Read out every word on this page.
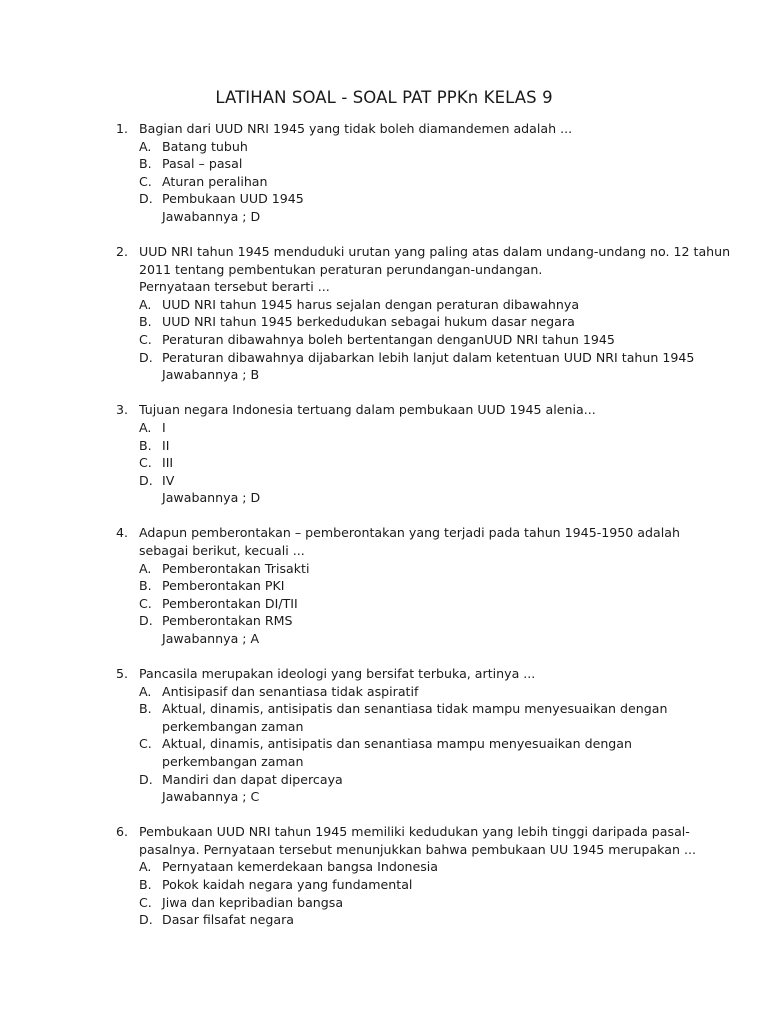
LATIHAN SOAL - SOAL PAT PPKn KELAS 9
1. Bagian dari UUD NRI 1945 yang tidak boleh diamandemen adalah ...
A. Batang tubuh
B. Pasal – pasal
C. Aturan peralihan
D. Pembukaan UUD 1945
Jawabannya ; D
2. UUD NRI tahun 1945 menduduki urutan yang paling atas dalam undang-undang no. 12 tahun
2011 tentang pembentukan peraturan perundangan-undangan.
Pernyataan tersebut berarti ...
A. UUD NRI tahun 1945 harus sejalan dengan peraturan dibawahnya
B. UUD NRI tahun 1945 berkedudukan sebagai hukum dasar negara
C. Peraturan dibawahnya boleh bertentangan denganUUD NRI tahun 1945
D. Peraturan dibawahnya dijabarkan lebih lanjut dalam ketentuan UUD NRI tahun 1945
Jawabannya ; B
3. Tujuan negara Indonesia tertuang dalam pembukaan UUD 1945 alenia...
A. I
B. II
C. III
D. IV
Jawabannya ; D
4. Adapun pemberontakan – pemberontakan yang terjadi pada tahun 1945-1950 adalah
sebagai berikut, kecuali ...
A. Pemberontakan Trisakti
B. Pemberontakan PKI
C. Pemberontakan DI/TII
D. Pemberontakan RMS
Jawabannya ; A
5. Pancasila merupakan ideologi yang bersifat terbuka, artinya ...
A. Antisipasif dan senantiasa tidak aspiratif
B. Aktual, dinamis, antisipatis dan senantiasa tidak mampu menyesuaikan dengan
perkembangan zaman
C. Aktual, dinamis, antisipatis dan senantiasa mampu menyesuaikan dengan
perkembangan zaman
D. Mandiri dan dapat dipercaya
Jawabannya ; C
6. Pembukaan UUD NRI tahun 1945 memiliki kedudukan yang lebih tinggi daripada pasal-
pasalnya. Pernyataan tersebut menunjukkan bahwa pembukaan UU 1945 merupakan ...
A. Pernyataan kemerdekaan bangsa Indonesia
B. Pokok kaidah negara yang fundamental
C. Jiwa dan kepribadian bangsa
D. Dasar filsafat negara
